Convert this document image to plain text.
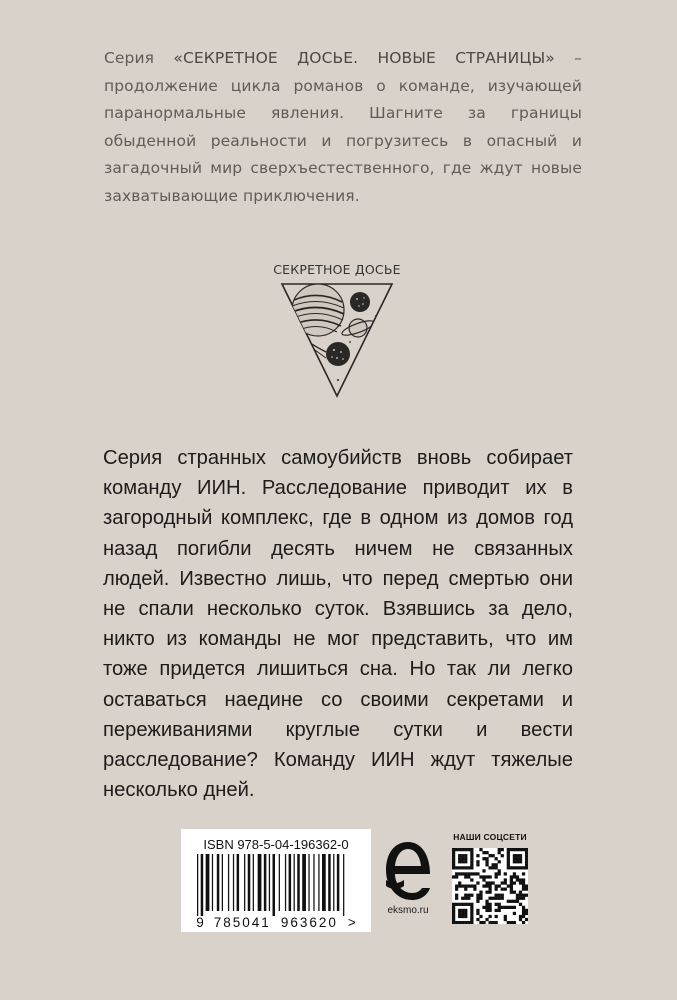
Серия «СЕКРЕТНОЕ ДОСЬЕ. НОВЫЕ СТРАНИЦЫ» – продолжение цикла романов о команде, изучающей паранормальные явления. Шагните за границы обыденной реальности и погрузитесь в опасный и загадочный мир сверхъестественного, где ждут новые захватывающие приключения.
СЕКРЕТНОЕ ДОСЬЕ
Серия странных самоубийств вновь собирает команду ИИН. Расследование приводит их в загородный комплекс, где в одном из домов год назад погибли десять ничем не связанных людей. Известно лишь, что перед смертью они не спали несколько суток. Взявшись за дело, никто из команды не мог представить, что им тоже придется лишиться сна. Но так ли легко оставаться наедине со своими секретами и переживаниями круглые сутки и вести расследование? Команду ИИН ждут тяжелые несколько дней.
ISBN 978-5-04-196362-0
9 785041 963620 >
eksmo.ru
НАШИ СОЦСЕТИ
